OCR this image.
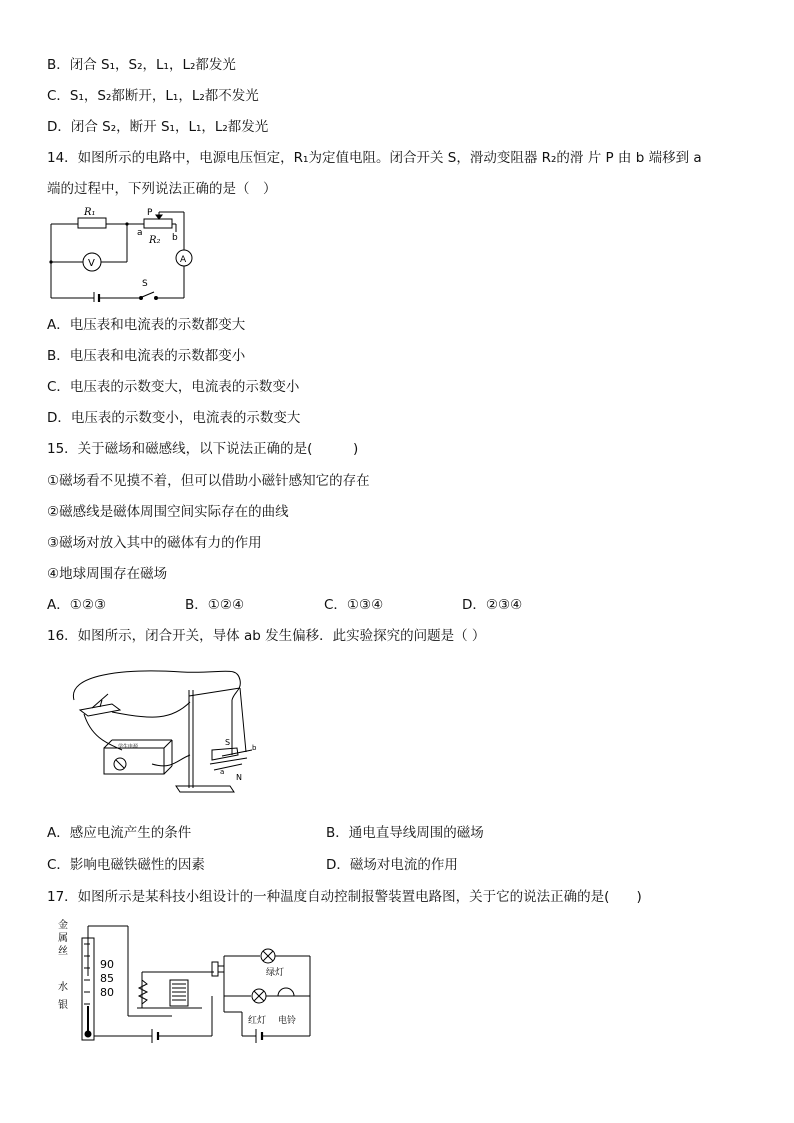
B．闭合 S₁，S₂，L₁，L₂都发光
C．S₁，S₂都断开，L₁，L₂都不发光
D．闭合 S₂，断开 S₁，L₁，L₂都发光
14．如图所示的电路中，电源电压恒定，R₁为定值电阻。闭合开关 S，滑动变阻器 R₂的滑 片 P 由 b 端移到 a
端的过程中，下列说法正确的是（　）
R₁
R₂
P
a	b
V	A
S
A．电压表和电流表的示数都变大
B．电压表和电流表的示数都变小
C．电压表的示数变大，电流表的示数变小
D．电压表的示数变小，电流表的示数变大
15．关于磁场和磁感线，以下说法正确的是(　　　)
①磁场看不见摸不着，但可以借助小磁针感知它的存在
②磁感线是磁体周围空间实际存在的曲线
③磁场对放入其中的磁体有力的作用
④地球周围存在磁场
A．①②③	B．①②④	C．①③④	D．②③④
16．如图所示，闭合开关，导体 ab 发生偏移．此实验探究的问题是（ ）
学生电源	S
N
a
b
A．感应电流产生的条件	B．通电直导线周围的磁场
C．影响电磁铁磁性的因素	D．磁场对电流的作用
17．如图所示是某科技小组设计的一种温度自动控制报警装置电路图，关于它的说法正确的是(　　)
金
属
丝
水
银
90
85
80
绿灯
红灯 电铃
